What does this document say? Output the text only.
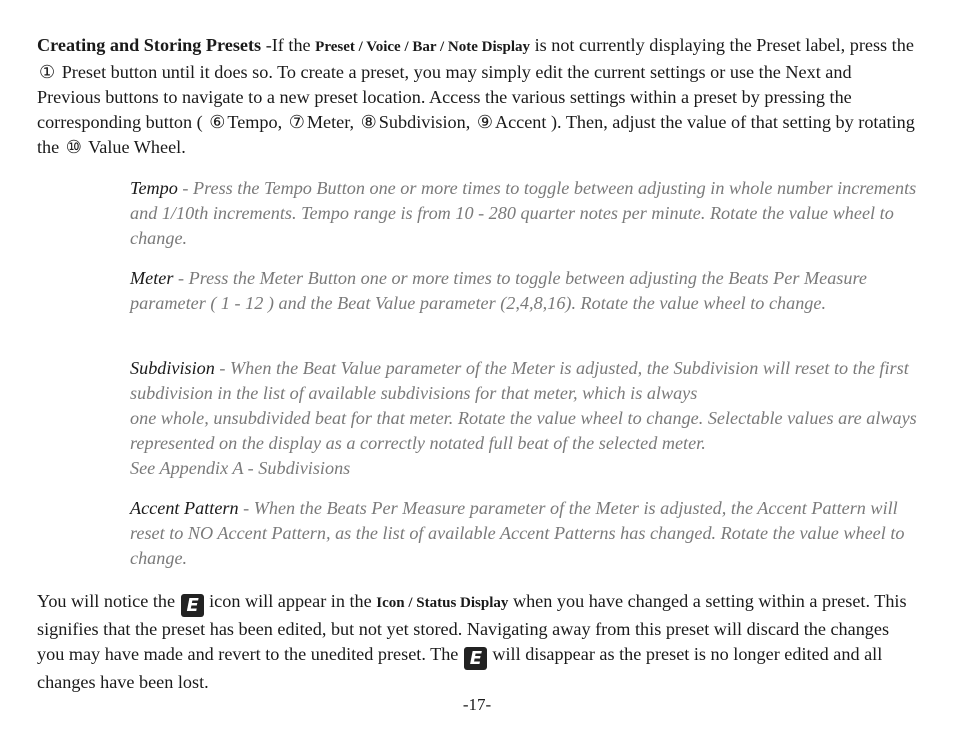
Creating and Storing Presets -If the Preset / Voice / Bar / Note Display is not currently displaying the Preset label, press the ① Preset button until it does so. To create a preset, you may simply edit the current settings or use the Next and Previous buttons to navigate to a new preset location. Access the various settings within a preset by pressing the corresponding button ( ⑥ Tempo, ⑦ Meter, ⑧ Subdivision, ⑨ Accent ). Then, adjust the value of that setting by rotating the ⑩ Value Wheel.

Tempo - Press the Tempo Button one or more times to toggle between adjusting in whole number increments and 1/10th increments. Tempo range is from 10 - 280 quarter notes per minute. Rotate the value wheel to change.

Meter - Press the Meter Button one or more times to toggle between adjusting the Beats Per Measure parameter ( 1 - 12 ) and the Beat Value parameter (2,4,8,16). Rotate the value wheel to change.

Subdivision - When the Beat Value parameter of the Meter is adjusted, the Subdivision will reset to the first subdivision in the list of available subdivisions for that meter, which is always
one whole, unsubdivided beat for that meter. Rotate the value wheel to change. Selectable values are always represented on the display as a correctly notated full beat of the selected meter.
See Appendix A - Subdivisions

Accent Pattern - When the Beats Per Measure parameter of the Meter is adjusted, the Accent Pattern will reset to NO Accent Pattern, as the list of available Accent Patterns has changed. Rotate the value wheel to change.

You will notice the E icon will appear in the Icon / Status Display when you have changed a setting within a preset. This signifies that the preset has been edited, but not yet stored. Navigating away from this preset will discard the changes you may have made and revert to the unedited preset. The E will disappear as the preset is no longer edited and all changes have been lost.

-17-
